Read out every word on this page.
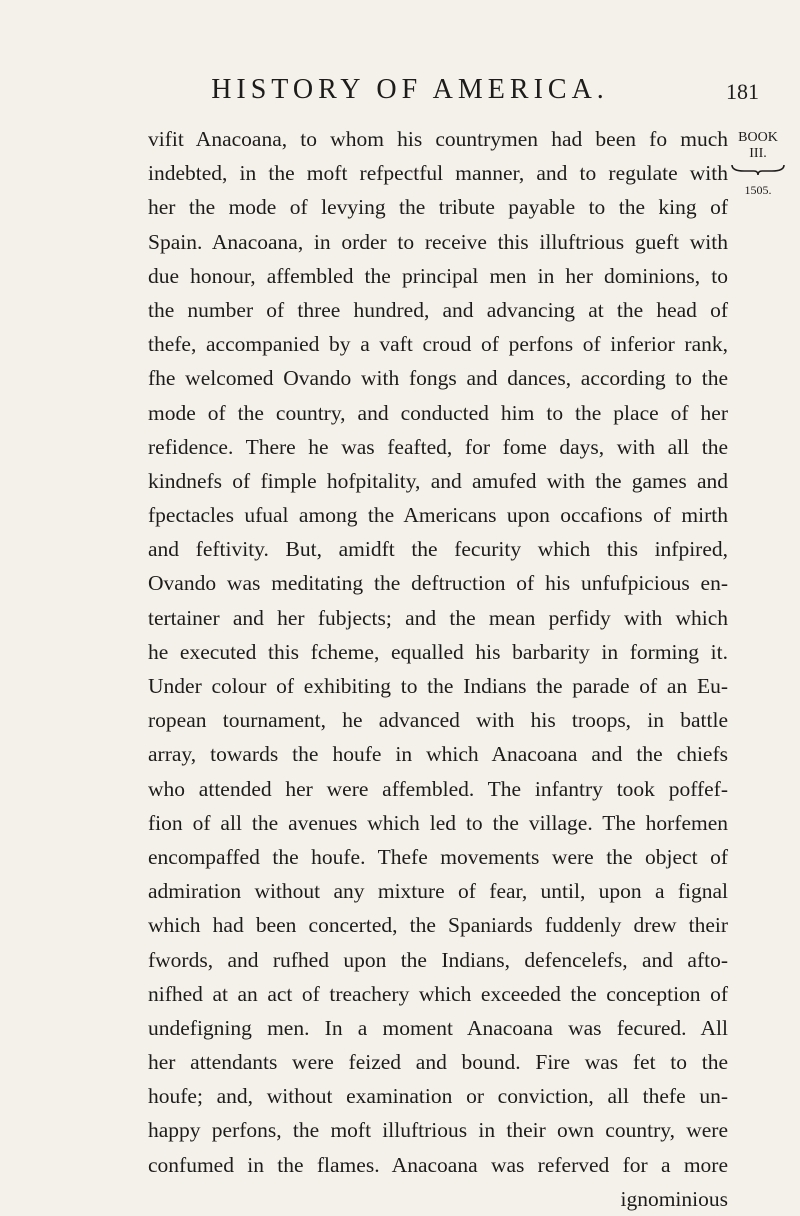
HISTORY OF AMERICA.	181
BOOK
III.
1505.
vifit Anacoana, to whom his countrymen had been fo much
indebted, in the moft refpectful manner, and to regulate with
her the mode of levying the tribute payable to the king of
Spain. Anacoana, in order to receive this illuftrious gueft with
due honour, affembled the principal men in her dominions, to
the number of three hundred, and advancing at the head of
thefe, accompanied by a vaft croud of perfons of inferior rank,
fhe welcomed Ovando with fongs and dances, according to the
mode of the country, and conducted him to the place of her
refidence. There he was feafted, for fome days, with all the
kindnefs of fimple hofpitality, and amufed with the games and
fpectacles ufual among the Americans upon occafions of mirth
and feftivity. But, amidft the fecurity which this infpired,
Ovando was meditating the deftruction of his unfufpicious en-
tertainer and her fubjects; and the mean perfidy with which
he executed this fcheme, equalled his barbarity in forming it.
Under colour of exhibiting to the Indians the parade of an Eu-
ropean tournament, he advanced with his troops, in battle
array, towards the houfe in which Anacoana and the chiefs
who attended her were affembled. The infantry took poffef-
fion of all the avenues which led to the village. The horfemen
encompaffed the houfe. Thefe movements were the object of
admiration without any mixture of fear, until, upon a fignal
which had been concerted, the Spaniards fuddenly drew their
fwords, and rufhed upon the Indians, defencelefs, and afto-
nifhed at an act of treachery which exceeded the conception of
undefigning men. In a moment Anacoana was fecured. All
her attendants were feized and bound. Fire was fet to the
houfe; and, without examination or conviction, all thefe un-
happy perfons, the moft illuftrious in their own country, were
confumed in the flames. Anacoana was referved for a more
ignominious
